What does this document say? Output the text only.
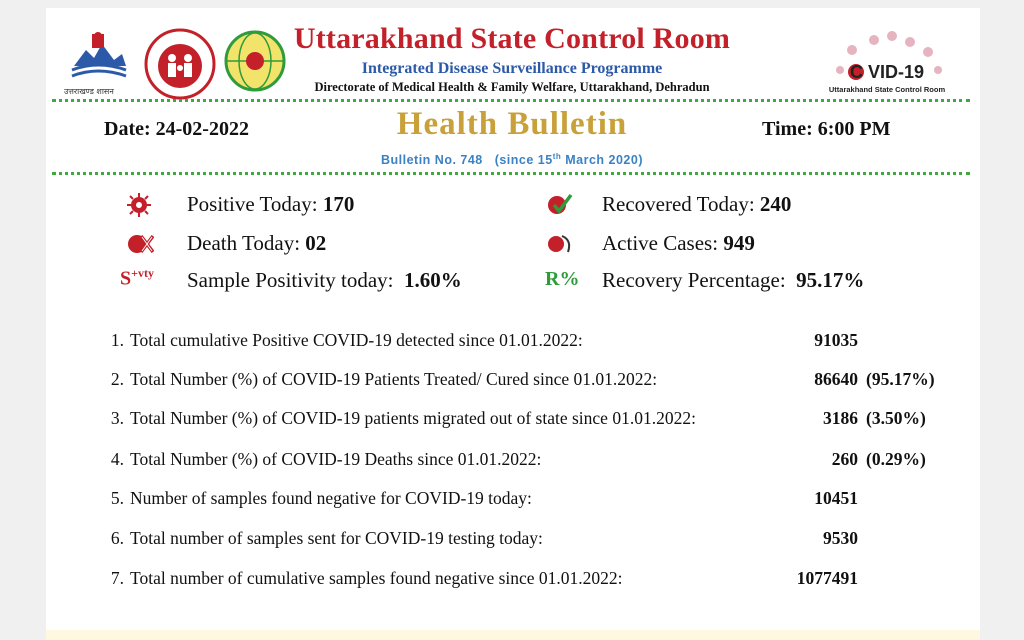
उत्तराखण्ड शासन
Uttarakhand State Control Room
Integrated Disease Surveillance Programme
Directorate of Medical Health & Family Welfare, Uttarakhand, Dehradun
C VID-19
Uttarakhand State Control Room
Date: 24-02-2022	Health Bulletin	Time: 6:00 PM
Bulletin No. 748 (since 15th March 2020)
Positive Today: 170	Recovered Today: 240
Death Today: 02	Active Cases: 949
$S^{+vty}$ Sample Positivity today:  1.60%	R% Recovery Percentage:  95.17%
1. Total cumulative Positive COVID-19 detected since 01.01.2022:	91035
2. Total Number (%) of COVID-19 Patients Treated/ Cured since 01.01.2022:	86640 (95.17%)
3. Total Number (%) of COVID-19 patients migrated out of state since 01.01.2022:	3186 (3.50%)
4. Total Number (%) of COVID-19 Deaths since 01.01.2022:	260 (0.29%)
5. Number of samples found negative for COVID-19 today:	10451
6. Total number of samples sent for COVID-19 testing today:	9530
7. Total number of cumulative samples found negative since 01.01.2022:	1077491
